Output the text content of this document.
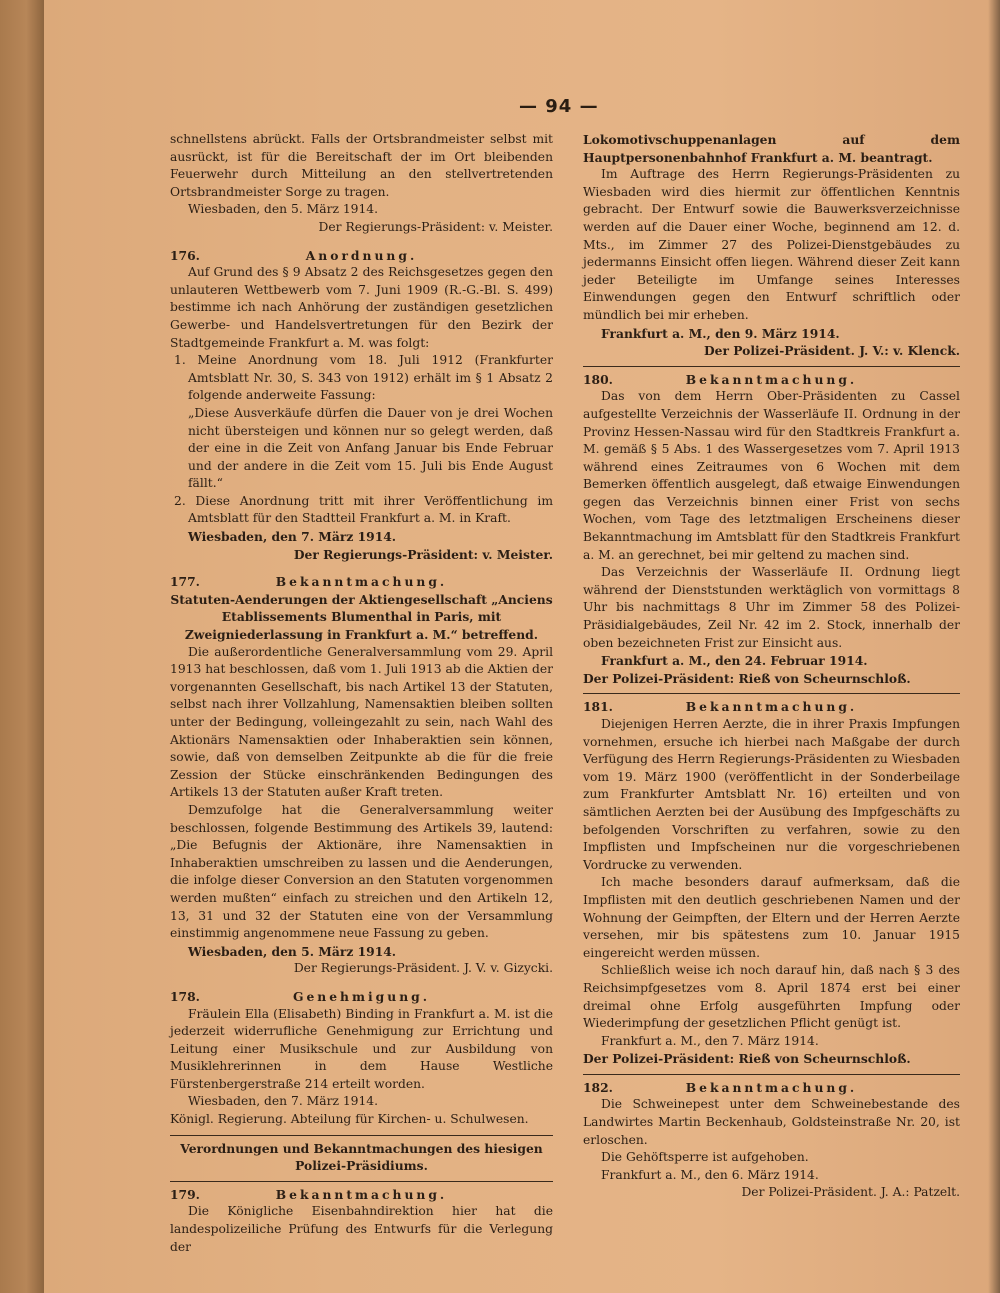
— 94 —

schnellstens abrückt. Falls der Ortsbrandmeister selbst mit ausrückt, ist für die Bereitschaft der im Ort bleibenden Feuerwehr durch Mitteilung an den stellvertretenden Ortsbrandmeister Sorge zu tragen.

Wiesbaden, den 5. März 1914.

Der Regierungs-Präsident: v. Meister.

176.	Anordnung.

Auf Grund des § 9 Absatz 2 des Reichsgesetzes gegen den unlauteren Wettbewerb vom 7. Juni 1909 (R.-G.-Bl. S. 499) bestimme ich nach Anhörung der zuständigen gesetzlichen Gewerbe- und Handelsvertretungen für den Bezirk der Stadtgemeinde Frankfurt a. M. was folgt:

1. Meine Anordnung vom 18. Juli 1912 (Frankfurter Amtsblatt Nr. 30, S. 343 von 1912) erhält im § 1 Absatz 2 folgende anderweite Fassung:

„Diese Ausverkäufe dürfen die Dauer von je drei Wochen nicht übersteigen und können nur so gelegt werden, daß der eine in die Zeit von Anfang Januar bis Ende Februar und der andere in die Zeit vom 15. Juli bis Ende August fällt.“

2. Diese Anordnung tritt mit ihrer Veröffentlichung im Amtsblatt für den Stadtteil Frankfurt a. M. in Kraft.

Wiesbaden, den 7. März 1914.

Der Regierungs-Präsident: v. Meister.

177.	Bekanntmachung.

Statuten-Aenderungen der Aktiengesellschaft „Anciens Etablissements Blumenthal in Paris, mit Zweigniederlassung in Frankfurt a. M.“ betreffend.

Die außerordentliche Generalversammlung vom 29. April 1913 hat beschlossen, daß vom 1. Juli 1913 ab die Aktien der vorgenannten Gesellschaft, bis nach Artikel 13 der Statuten, selbst nach ihrer Vollzahlung, Namensaktien bleiben sollten unter der Bedingung, volleingezahlt zu sein, nach Wahl des Aktionärs Namensaktien oder Inhaberaktien sein können, sowie, daß von demselben Zeitpunkte ab die für die freie Zession der Stücke einschränkenden Bedingungen des Artikels 13 der Statuten außer Kraft treten.

Demzufolge hat die Generalversammlung weiter beschlossen, folgende Bestimmung des Artikels 39, lautend: „Die Befugnis der Aktionäre, ihre Namensaktien in Inhaberaktien umschreiben zu lassen und die Aenderungen, die infolge dieser Conversion an den Statuten vorgenommen werden mußten“ einfach zu streichen und den Artikeln 12, 13, 31 und 32 der Statuten eine von der Versammlung einstimmig angenommene neue Fassung zu geben.

Wiesbaden, den 5. März 1914.

Der Regierungs-Präsident. J. V. v. Gizycki.

178.	Genehmigung.

Fräulein Ella (Elisabeth) Binding in Frankfurt a. M. ist die jederzeit widerrufliche Genehmigung zur Errichtung und Leitung einer Musikschule und zur Ausbildung von Musiklehrerinnen in dem Hause Westliche Fürstenbergerstraße 214 erteilt worden.

Wiesbaden, den 7. März 1914.

Königl. Regierung. Abteilung für Kirchen- u. Schulwesen.

Verordnungen und Bekanntmachungen des hiesigen Polizei-Präsidiums.

179.	Bekanntmachung.

Die Königliche Eisenbahndirektion hier hat die landespolizeiliche Prüfung des Entwurfs für die Verlegung der

Lokomotivschuppenanlagen auf dem Hauptpersonenbahnhof Frankfurt a. M. beantragt.

Im Auftrage des Herrn Regierungs-Präsidenten zu Wiesbaden wird dies hiermit zur öffentlichen Kenntnis gebracht. Der Entwurf sowie die Bauwerksverzeichnisse werden auf die Dauer einer Woche, beginnend am 12. d. Mts., im Zimmer 27 des Polizei-Dienstgebäudes zu jedermanns Einsicht offen liegen. Während dieser Zeit kann jeder Beteiligte im Umfange seines Interesses Einwendungen gegen den Entwurf schriftlich oder mündlich bei mir erheben.

Frankfurt a. M., den 9. März 1914.

Der Polizei-Präsident. J. V.: v. Klenck.

180.	Bekanntmachung.

Das von dem Herrn Ober-Präsidenten zu Cassel aufgestellte Verzeichnis der Wasserläufe II. Ordnung in der Provinz Hessen-Nassau wird für den Stadtkreis Frankfurt a. M. gemäß § 5 Abs. 1 des Wassergesetzes vom 7. April 1913 während eines Zeitraumes von 6 Wochen mit dem Bemerken öffentlich ausgelegt, daß etwaige Einwendungen gegen das Verzeichnis binnen einer Frist von sechs Wochen, vom Tage des letztmaligen Erscheinens dieser Bekanntmachung im Amtsblatt für den Stadtkreis Frankfurt a. M. an gerechnet, bei mir geltend zu machen sind.

Das Verzeichnis der Wasserläufe II. Ordnung liegt während der Dienststunden werktäglich von vormittags 8 Uhr bis nachmittags 8 Uhr im Zimmer 58 des Polizei-Präsidialgebäudes, Zeil Nr. 42 im 2. Stock, innerhalb der oben bezeichneten Frist zur Einsicht aus.

Frankfurt a. M., den 24. Februar 1914.

Der Polizei-Präsident: Rieß von Scheurnschloß.

181.	Bekanntmachung.

Diejenigen Herren Aerzte, die in ihrer Praxis Impfungen vornehmen, ersuche ich hierbei nach Maßgabe der durch Verfügung des Herrn Regierungs-Präsidenten zu Wiesbaden vom 19. März 1900 (veröffentlicht in der Sonderbeilage zum Frankfurter Amtsblatt Nr. 16) erteilten und von sämtlichen Aerzten bei der Ausübung des Impfgeschäfts zu befolgenden Vorschriften zu verfahren, sowie zu den Impflisten und Impfscheinen nur die vorgeschriebenen Vordrucke zu verwenden.

Ich mache besonders darauf aufmerksam, daß die Impflisten mit den deutlich geschriebenen Namen und der Wohnung der Geimpften, der Eltern und der Herren Aerzte versehen, mir bis spätestens zum 10. Januar 1915 eingereicht werden müssen.

Schließlich weise ich noch darauf hin, daß nach § 3 des Reichsimpfgesetzes vom 8. April 1874 erst bei einer dreimal ohne Erfolg ausgeführten Impfung oder Wiederimpfung der gesetzlichen Pflicht genügt ist.

Frankfurt a. M., den 7. März 1914.

Der Polizei-Präsident: Rieß von Scheurnschloß.

182.	Bekanntmachung.

Die Schweinepest unter dem Schweinebestande des Landwirtes Martin Beckenhaub, Goldsteinstraße Nr. 20, ist erloschen.

Die Gehöftsperre ist aufgehoben.

Frankfurt a. M., den 6. März 1914.

Der Polizei-Präsident. J. A.: Patzelt.
